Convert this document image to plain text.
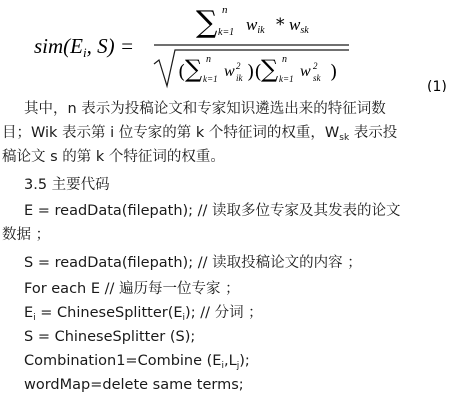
sim(Ei, S) =
∑ n
k=1 wik * wsk
( ∑ n
k=1 w 2
ik )( ∑ n
k=1 w 2
sk )
(1)
其中，n 表示为投稿论文和专家知识遴选出来的特征词数
目；Wik 表示第 i 位专家的第 k 个特征词的权重，$W_{sk}$ 表示投
稿论文 s 的第 k 个特征词的权重。
3.5 主要代码
E = readData(filepath); // 读取多位专家及其发表的论文
数据 ；
S = readData(filepath); // 读取投稿论文的内容 ；
For each E // 遍历每一位专家 ；
$E_i$ = $ChineseSplitter(E_i)$; // 分词 ；
S = ChineseSplitter (S);
Combination1=Combine $(E_i,L_j)$;
wordMap=delete same terms;
